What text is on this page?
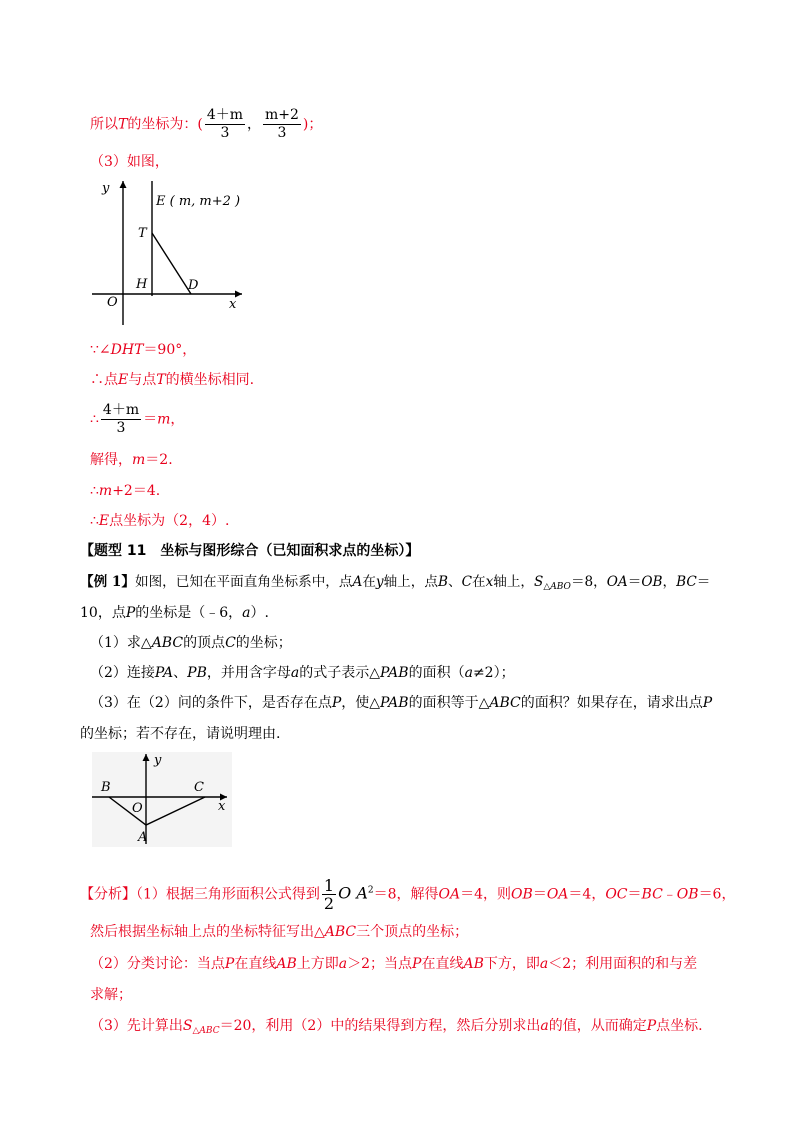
所以T的坐标为：( $\frac{4+m}{3}$ ， $\frac{m+2}{3}$ )；
（3）如图，
y
x
O
H	D
T
E ( m, m+2 )
∵∠DHT＝90°，
∴点E与点T的横坐标相同.
∴ $\frac{4+m}{3} =m$，
解得，m＝2.
∴m+2＝4.
∴E点坐标为（2，4）.
【题型 11　坐标与图形综合（已知面积求点的坐标）】
【例 1】如图，已知在平面直角坐标系中，点A在y轴上，点B、C在x轴上，$S_{\triangle ABO}=8$，OA＝OB，BC＝
10，点P的坐标是（﹣6，a）.
（1）求△ABC的顶点C的坐标；
（2）连接PA、PB，并用含字母a的式子表示△PAB的面积（a≠2）；
（3）在（2）问的条件下，是否存在点P，使△PAB的面积等于△ABC的面积？如果存在，请求出点P
的坐标；若不存在，请说明理由.
y
x
B
O
C
A
【分析】（1）根据三角形面积公式得到 $\frac{1}{2}$ O $A^2=8$，解得OA＝4，则OB＝OA＝4，OC＝BC﹣OB＝6，
然后根据坐标轴上点的坐标特征写出△ABC三个顶点的坐标；
（2）分类讨论：当点P在直线AB上方即a＞2；当点P在直线AB下方，即a＜2；利用面积的和与差
求解；
（3）先计算出$S_{\triangle ABC}=20$，利用（2）中的结果得到方程，然后分别求出a的值，从而确定P点坐标.
